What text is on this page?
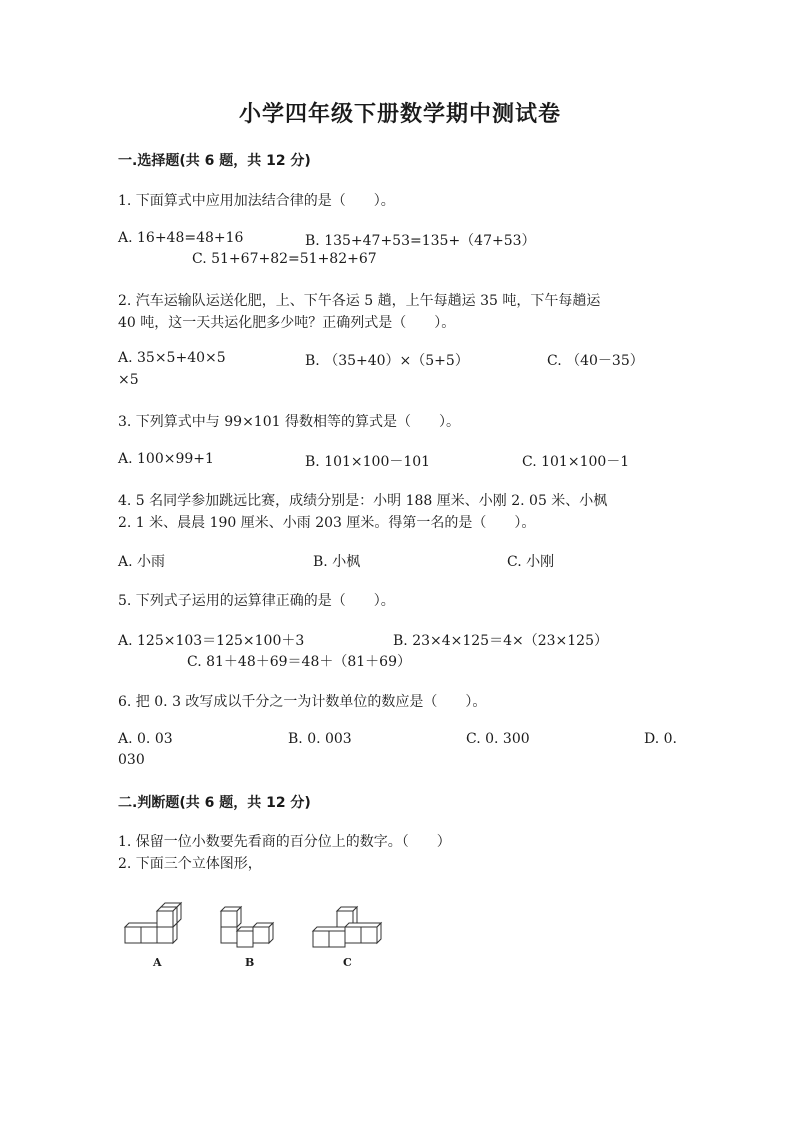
小学四年级下册数学期中测试卷
一.选择题(共 6 题，共 12 分)
1. 下面算式中应用加法结合律的是（　　）。
A. 16+48=48+16	B. 135+47+53=135+（47+53）
C. 51+67+82=51+82+67
2. 汽车运输队运送化肥，上、下午各运 5 趟，上午每趟运 35 吨，下午每趟运
40 吨，这一天共运化肥多少吨？正确列式是（　　）。
A. 35×5+40×5	B. （35+40）×（5+5）	C. （40－35）
×5
3. 下列算式中与 99×101 得数相等的算式是（　　）。
A. 100×99+1	B. 101×100－101	C. 101×100－1
4. 5 名同学参加跳远比赛，成绩分别是：小明 188 厘米、小刚 2. 05 米、小枫
2. 1 米、晨晨 190 厘米、小雨 203 厘米。得第一名的是（　　）。
A. 小雨	B. 小枫	C. 小刚
5. 下列式子运用的运算律正确的是（　　）。
A. 125×103＝125×100＋3	B. 23×4×125＝4×（23×125）
C. 81＋48＋69＝48＋（81＋69）
6. 把 0. 3 改写成以千分之一为计数单位的数应是（　　）。
A. 0. 03	B. 0. 003	C. 0. 300	D. 0.
030
二.判断题(共 6 题，共 12 分)
1. 保留一位小数要先看商的百分位上的数字。（　　）
2. 下面三个立体图形，
A	B	C
